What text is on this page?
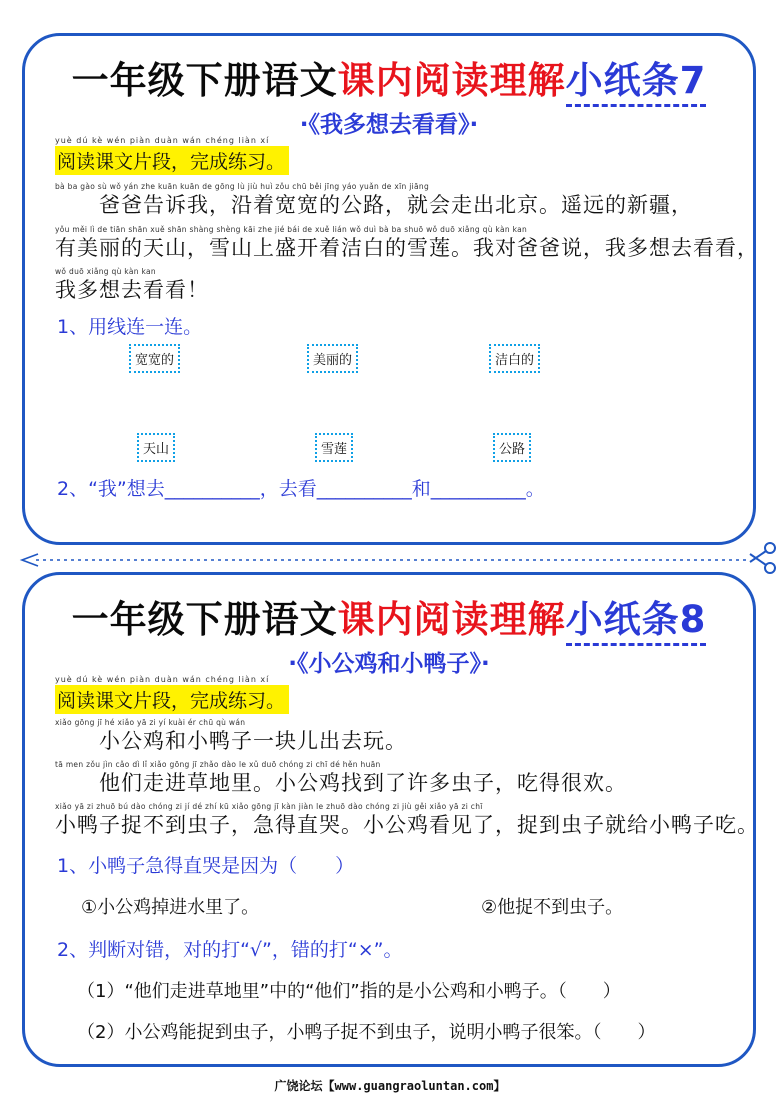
一年级下册语文课内阅读理解小纸条7
·《我多想去看看》·
yuè dú kè wén piàn duàn wán chéng liàn xí
阅读课文片段，完成练习。
bà ba gào sù wǒ yán zhe kuān kuān de gōng lù jiù huì zǒu chū běi jīng yáo yuǎn de xīn jiāng
　　爸爸告诉我，沿着宽宽的公路，就会走出北京。遥远的新疆，
yǒu měi lì de tiān shān xuě shān shàng shèng kāi zhe jié bái de xuě lián wǒ duì bà ba shuō wǒ duō xiǎng qù kàn kan
有美丽的天山，雪山上盛开着洁白的雪莲。我对爸爸说，我多想去看看，
wǒ duō xiǎng qù kàn kan
我多想去看看！
1、用线连一连。
宽宽的	美丽的	洁白的
天山	雪莲	公路
2、“我”想去__________，去看__________和__________。
一年级下册语文课内阅读理解小纸条8
·《小公鸡和小鸭子》·
yuè dú kè wén piàn duàn wán chéng liàn xí
阅读课文片段，完成练习。
xiǎo gōng jī hé xiǎo yā zi yí kuài ér chū qù wán
　　小公鸡和小鸭子一块儿出去玩。
tā men zǒu jìn cǎo dì lǐ xiǎo gōng jī zhǎo dào le xǔ duō chóng zi chī dé hěn huān
　　他们走进草地里。小公鸡找到了许多虫子，吃得很欢。
xiǎo yā zi zhuō bú dào chóng zi jí dé zhí kū xiǎo gōng jī kàn jiàn le zhuō dào chóng zi jiù gěi xiǎo yā zi chī
小鸭子捉不到虫子，急得直哭。小公鸡看见了，捉到虫子就给小鸭子吃。
1、小鸭子急得直哭是因为（　　）
①小公鸡掉进水里了。	②他捉不到虫子。
2、判断对错，对的打“√”，错的打“×”。
（1）“他们走进草地里”中的“他们”指的是小公鸡和小鸭子。（　　）
（2）小公鸡能捉到虫子，小鸭子捉不到虫子，说明小鸭子很笨。（　　）
广饶论坛【www.guangraoluntan.com】
